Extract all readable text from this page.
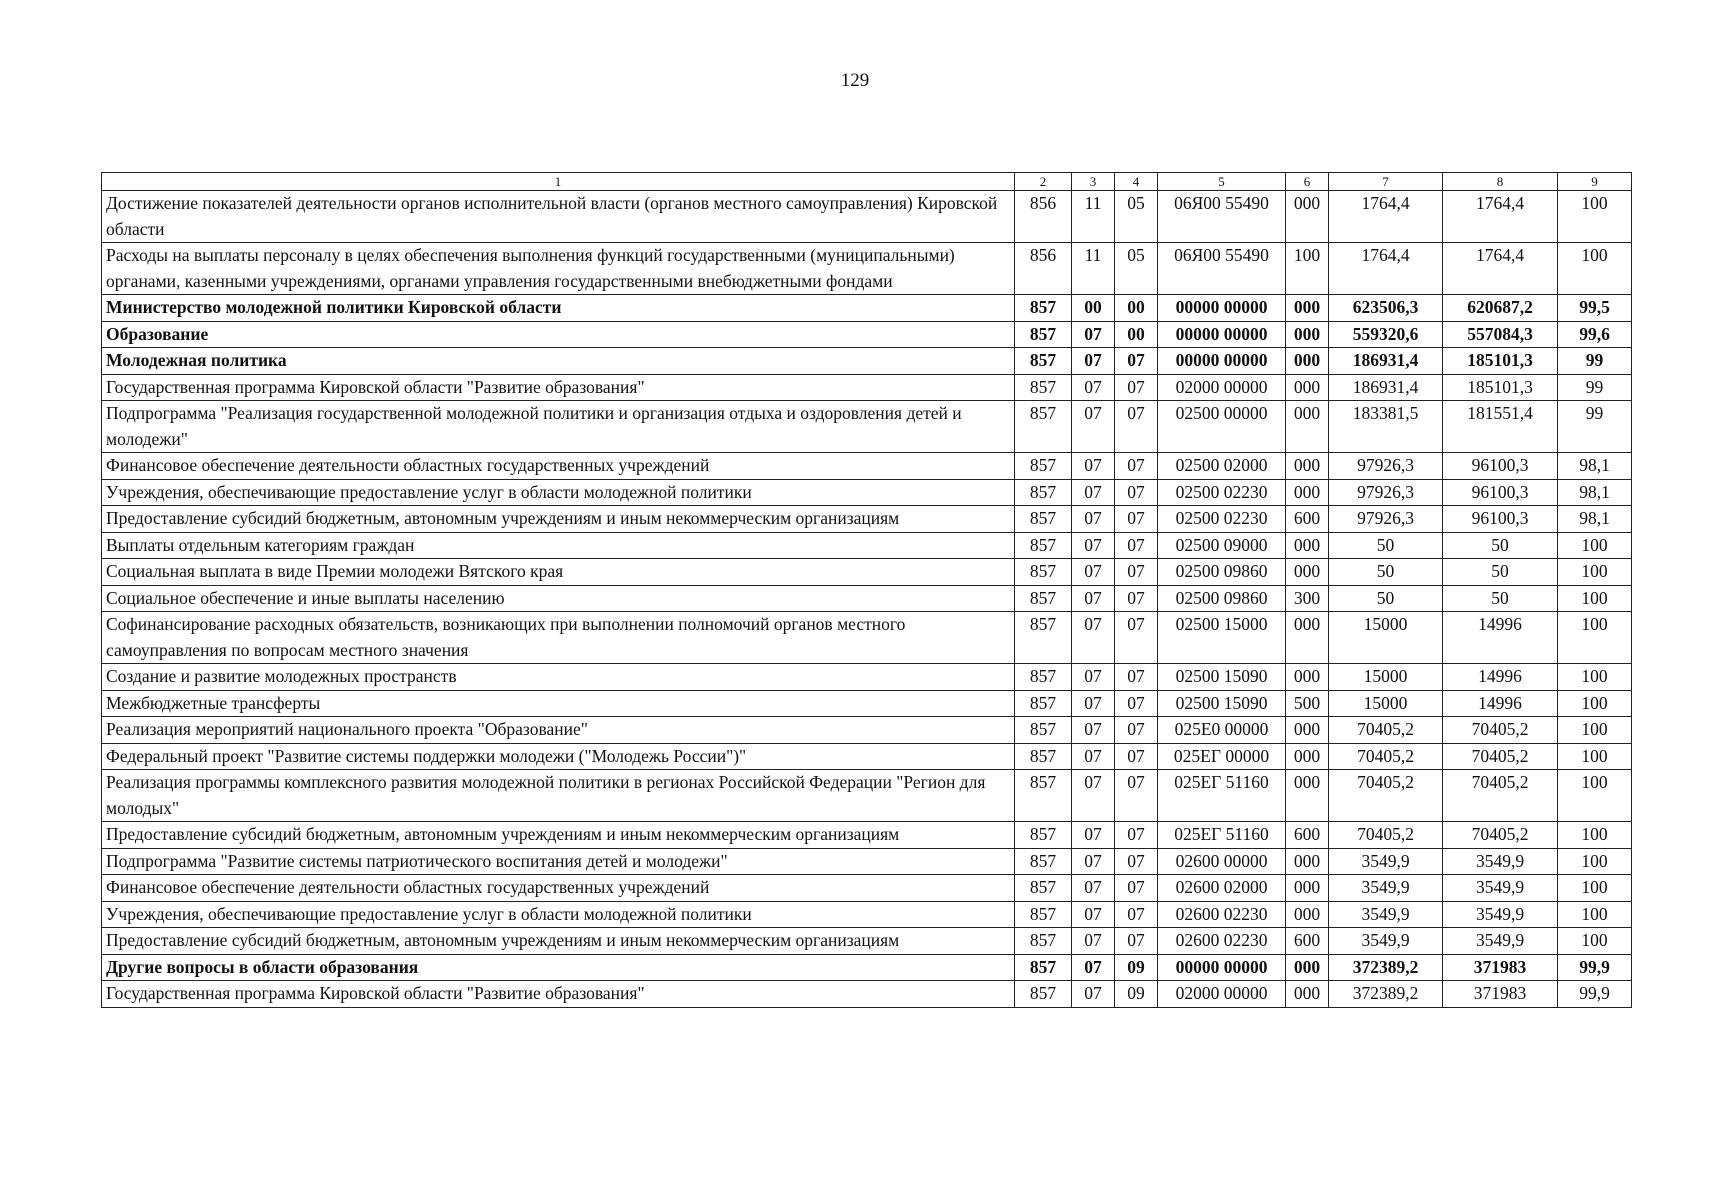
129
1	2	3	4	5	6	7	8	9
Достижение показателей деятельности органов исполнительной власти (органов местного самоуправления) Кировской области	856	11	05	06Я00 55490	000	1764,4	1764,4	100
Расходы на выплаты персоналу в целях обеспечения выполнения функций государственными (муниципальными) органами, казенными учреждениями, органами управления государственными внебюджетными фондами	856	11	05	06Я00 55490	100	1764,4	1764,4	100
Министерство молодежной политики Кировской области	857	00	00	00000 00000	000	623506,3	620687,2	99,5
Образование	857	07	00	00000 00000	000	559320,6	557084,3	99,6
Молодежная политика	857	07	07	00000 00000	000	186931,4	185101,3	99
Государственная программа Кировской области "Развитие образования"	857	07	07	02000 00000	000	186931,4	185101,3	99
Подпрограмма "Реализация государственной молодежной политики и организация отдыха и оздоровления детей и молодежи"	857	07	07	02500 00000	000	183381,5	181551,4	99
Финансовое обеспечение деятельности областных государственных учреждений	857	07	07	02500 02000	000	97926,3	96100,3	98,1
Учреждения, обеспечивающие предоставление услуг в области молодежной политики	857	07	07	02500 02230	000	97926,3	96100,3	98,1
Предоставление субсидий бюджетным, автономным учреждениям и иным некоммерческим организациям	857	07	07	02500 02230	600	97926,3	96100,3	98,1
Выплаты отдельным категориям граждан	857	07	07	02500 09000	000	50	50	100
Социальная выплата в виде Премии молодежи Вятского края	857	07	07	02500 09860	000	50	50	100
Социальное обеспечение и иные выплаты населению	857	07	07	02500 09860	300	50	50	100
Софинансирование расходных обязательств, возникающих при выполнении полномочий органов местного самоуправления по вопросам местного значения	857	07	07	02500 15000	000	15000	14996	100
Создание и развитие молодежных пространств	857	07	07	02500 15090	000	15000	14996	100
Межбюджетные трансферты	857	07	07	02500 15090	500	15000	14996	100
Реализация мероприятий национального проекта "Образование"	857	07	07	025Е0 00000	000	70405,2	70405,2	100
Федеральный проект "Развитие системы поддержки молодежи ("Молодежь России")"	857	07	07	025ЕГ 00000	000	70405,2	70405,2	100
Реализация программы комплексного развития молодежной политики в регионах Российской Федерации "Регион для молодых"	857	07	07	025ЕГ 51160	000	70405,2	70405,2	100
Предоставление субсидий бюджетным, автономным учреждениям и иным некоммерческим организациям	857	07	07	025ЕГ 51160	600	70405,2	70405,2	100
Подпрограмма "Развитие системы патриотического воспитания детей и молодежи"	857	07	07	02600 00000	000	3549,9	3549,9	100
Финансовое обеспечение деятельности областных государственных учреждений	857	07	07	02600 02000	000	3549,9	3549,9	100
Учреждения, обеспечивающие предоставление услуг в области молодежной политики	857	07	07	02600 02230	000	3549,9	3549,9	100
Предоставление субсидий бюджетным, автономным учреждениям и иным некоммерческим организациям	857	07	07	02600 02230	600	3549,9	3549,9	100
Другие вопросы в области образования	857	07	09	00000 00000	000	372389,2	371983	99,9
Государственная программа Кировской области "Развитие образования"	857	07	09	02000 00000	000	372389,2	371983	99,9
